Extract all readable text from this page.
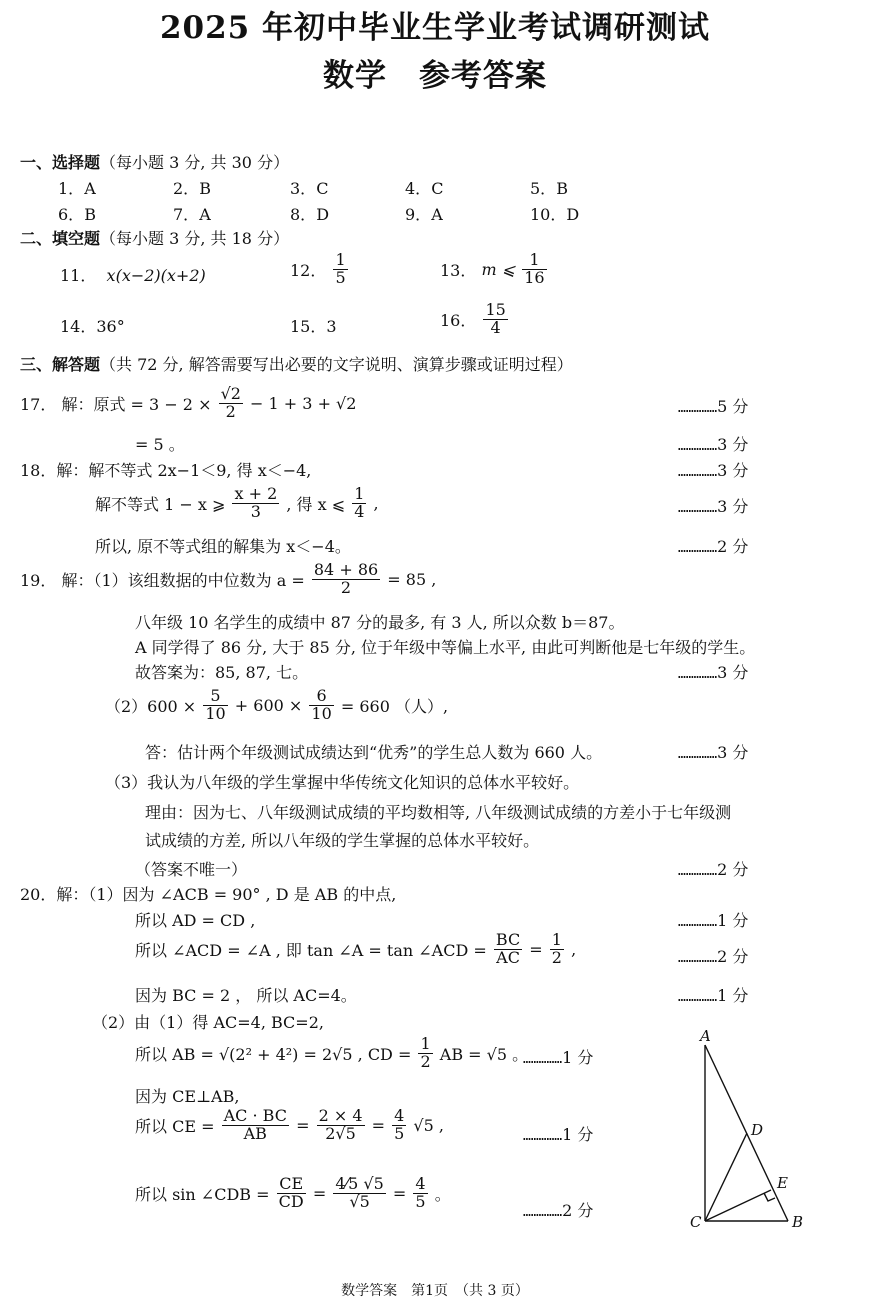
2025 年初中毕业生学业考试调研测试
数学　参考答案
一、选择题（每小题 3 分, 共 30 分）
1．A	2．B	3．C	4．C	5．B
6．B	7．A	8．D	9．A	10．D
二、填空题（每小题 3 分, 共 18 分）
11． x(x−2)(x+2)	12． $\frac{1}{5}$	13． m ⩽ $\frac{1}{16}$
14．36°	15．3	16． $\frac{15}{4}$
三、解答题（共 72 分, 解答需要写出必要的文字说明、演算步骤或证明过程）
17． 解：原式 = $3 - 2 \times \frac{√2}{2} - 1 + 3 + √2$
= 5 。
18．解：解不等式 2x−1＜9, 得 x＜−4,
解不等式 1 − x ⩾ $\frac{x + 2}{3}$ , 得 x ⩽ $\frac{1}{4}$ ,
所以, 原不等式组的解集为 x＜−4。
19． 解：（1）该组数据的中位数为 $a = \frac{84 + 86}{2} = 85$ ,
八年级 10 名学生的成绩中 87 分的最多, 有 3 人, 所以众数 b＝87。
A 同学得了 86 分, 大于 85 分, 位于年级中等偏上水平, 由此可判断他是七年级的学生。
故答案为：85, 87, 七。
$(2)600 \times \frac{5}{10} + 600 \times \frac{6}{10} = 660$ （人）,
答：估计两个年级测试成绩达到“优秀”的学生总人数为 660 人。
（3）我认为八年级的学生掌握中华传统文化知识的总体水平较好。
理由：因为七、八年级测试成绩的平均数相等, 八年级测试成绩的方差小于七年级测
试成绩的方差, 所以八年级的学生掌握的总体水平较好。
（答案不唯一）
20．解：（1）因为 ∠ACB = 90° , D 是 AB 的中点,
所以 AD = CD ,
所以 ∠ACD = ∠A , 即 tan ∠A = tan ∠ACD = $\frac{BC}{AC} = \frac{1}{2}$ ,
因为 BC = 2 ， 所以 AC=4。
（2）由（1）得 AC=4, BC=2,
所以 AB = √(2² + 4²) = 2√5 , CD = $\frac{1}{2}$ AB = √5 。
因为 CE⊥AB,
所以 CE = $\frac{AC \cdot BC}{AB} = \frac{2 \times 4}{2√5} = \frac{4}{5} √5$ ,
所以 sin ∠CDB = $\frac{CE}{CD} = \frac{4⁄5 √5}{√5} = \frac{4}{5}$ 。
……………5 分
……………3 分
……………3 分
……………3 分
……………2 分
……………3 分
……………3 分
……………2 分
……………1 分
……………2 分
……………1 分
……………1 分
……………1 分
……………2 分
A
D
E
C	B
数学答案　第1页　（共 3 页）
